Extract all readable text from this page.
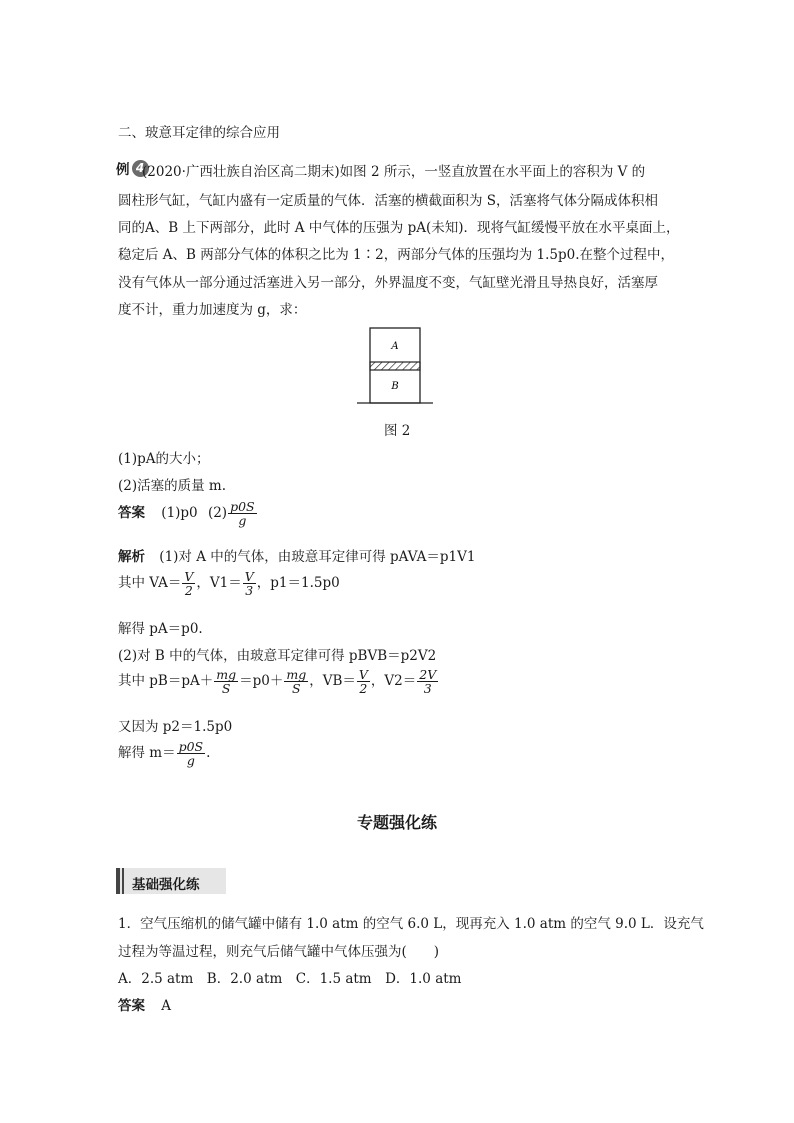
二、玻意耳定律的综合应用
例 4
(2020·广西壮族自治区高二期末)如图 2 所示，一竖直放置在水平面上的容积为 V 的
圆柱形气缸，气缸内盛有一定质量的气体．活塞的横截面积为 S，活塞将气体分隔成体积相
同的A、B 上下两部分，此时 A 中气体的压强为 pA(未知)．现将气缸缓慢平放在水平桌面上，
稳定后 A、B 两部分气体的体积之比为 1∶2，两部分气体的压强均为 1.5p0.在整个过程中，
没有气体从一部分通过活塞进入另一部分，外界温度不变，气缸壁光滑且导热良好，活塞厚
度不计，重力加速度为 g，求：
A
B
图 2
(1)pA的大小；
(2)活塞的质量 m.
答案 (1)p0 $(2) \frac{p0S}{g}$
解析 (1)对 A 中的气体，由玻意耳定律可得 pAVA＝p1V1
其中 $VA= \frac{V}{2}$ ，$V1= \frac{V}{3}$ ，p1＝1.5p0
解得 pA＝p0.
(2)对 B 中的气体，由玻意耳定律可得 pBVB＝p2V2
其中 $pB=pA+ \frac{mg}{S} =p0+ \frac{mg}{S}$ ，$VB= \frac{V}{2}$ ，$V2= \frac{2V}{3}$
又因为 p2＝1.5p0
解得 $m= \frac{p0S}{g}$ .
专题强化练
基础强化练
1．空气压缩机的储气罐中储有 1.0 atm 的空气 6.0 L，现再充入 1.0 atm 的空气 9.0 L．设充气
过程为等温过程，则充气后储气罐中气体压强为(　　)
A．2.5 atm　B．2.0 atm　C．1.5 atm　D．1.0 atm
答案 A
